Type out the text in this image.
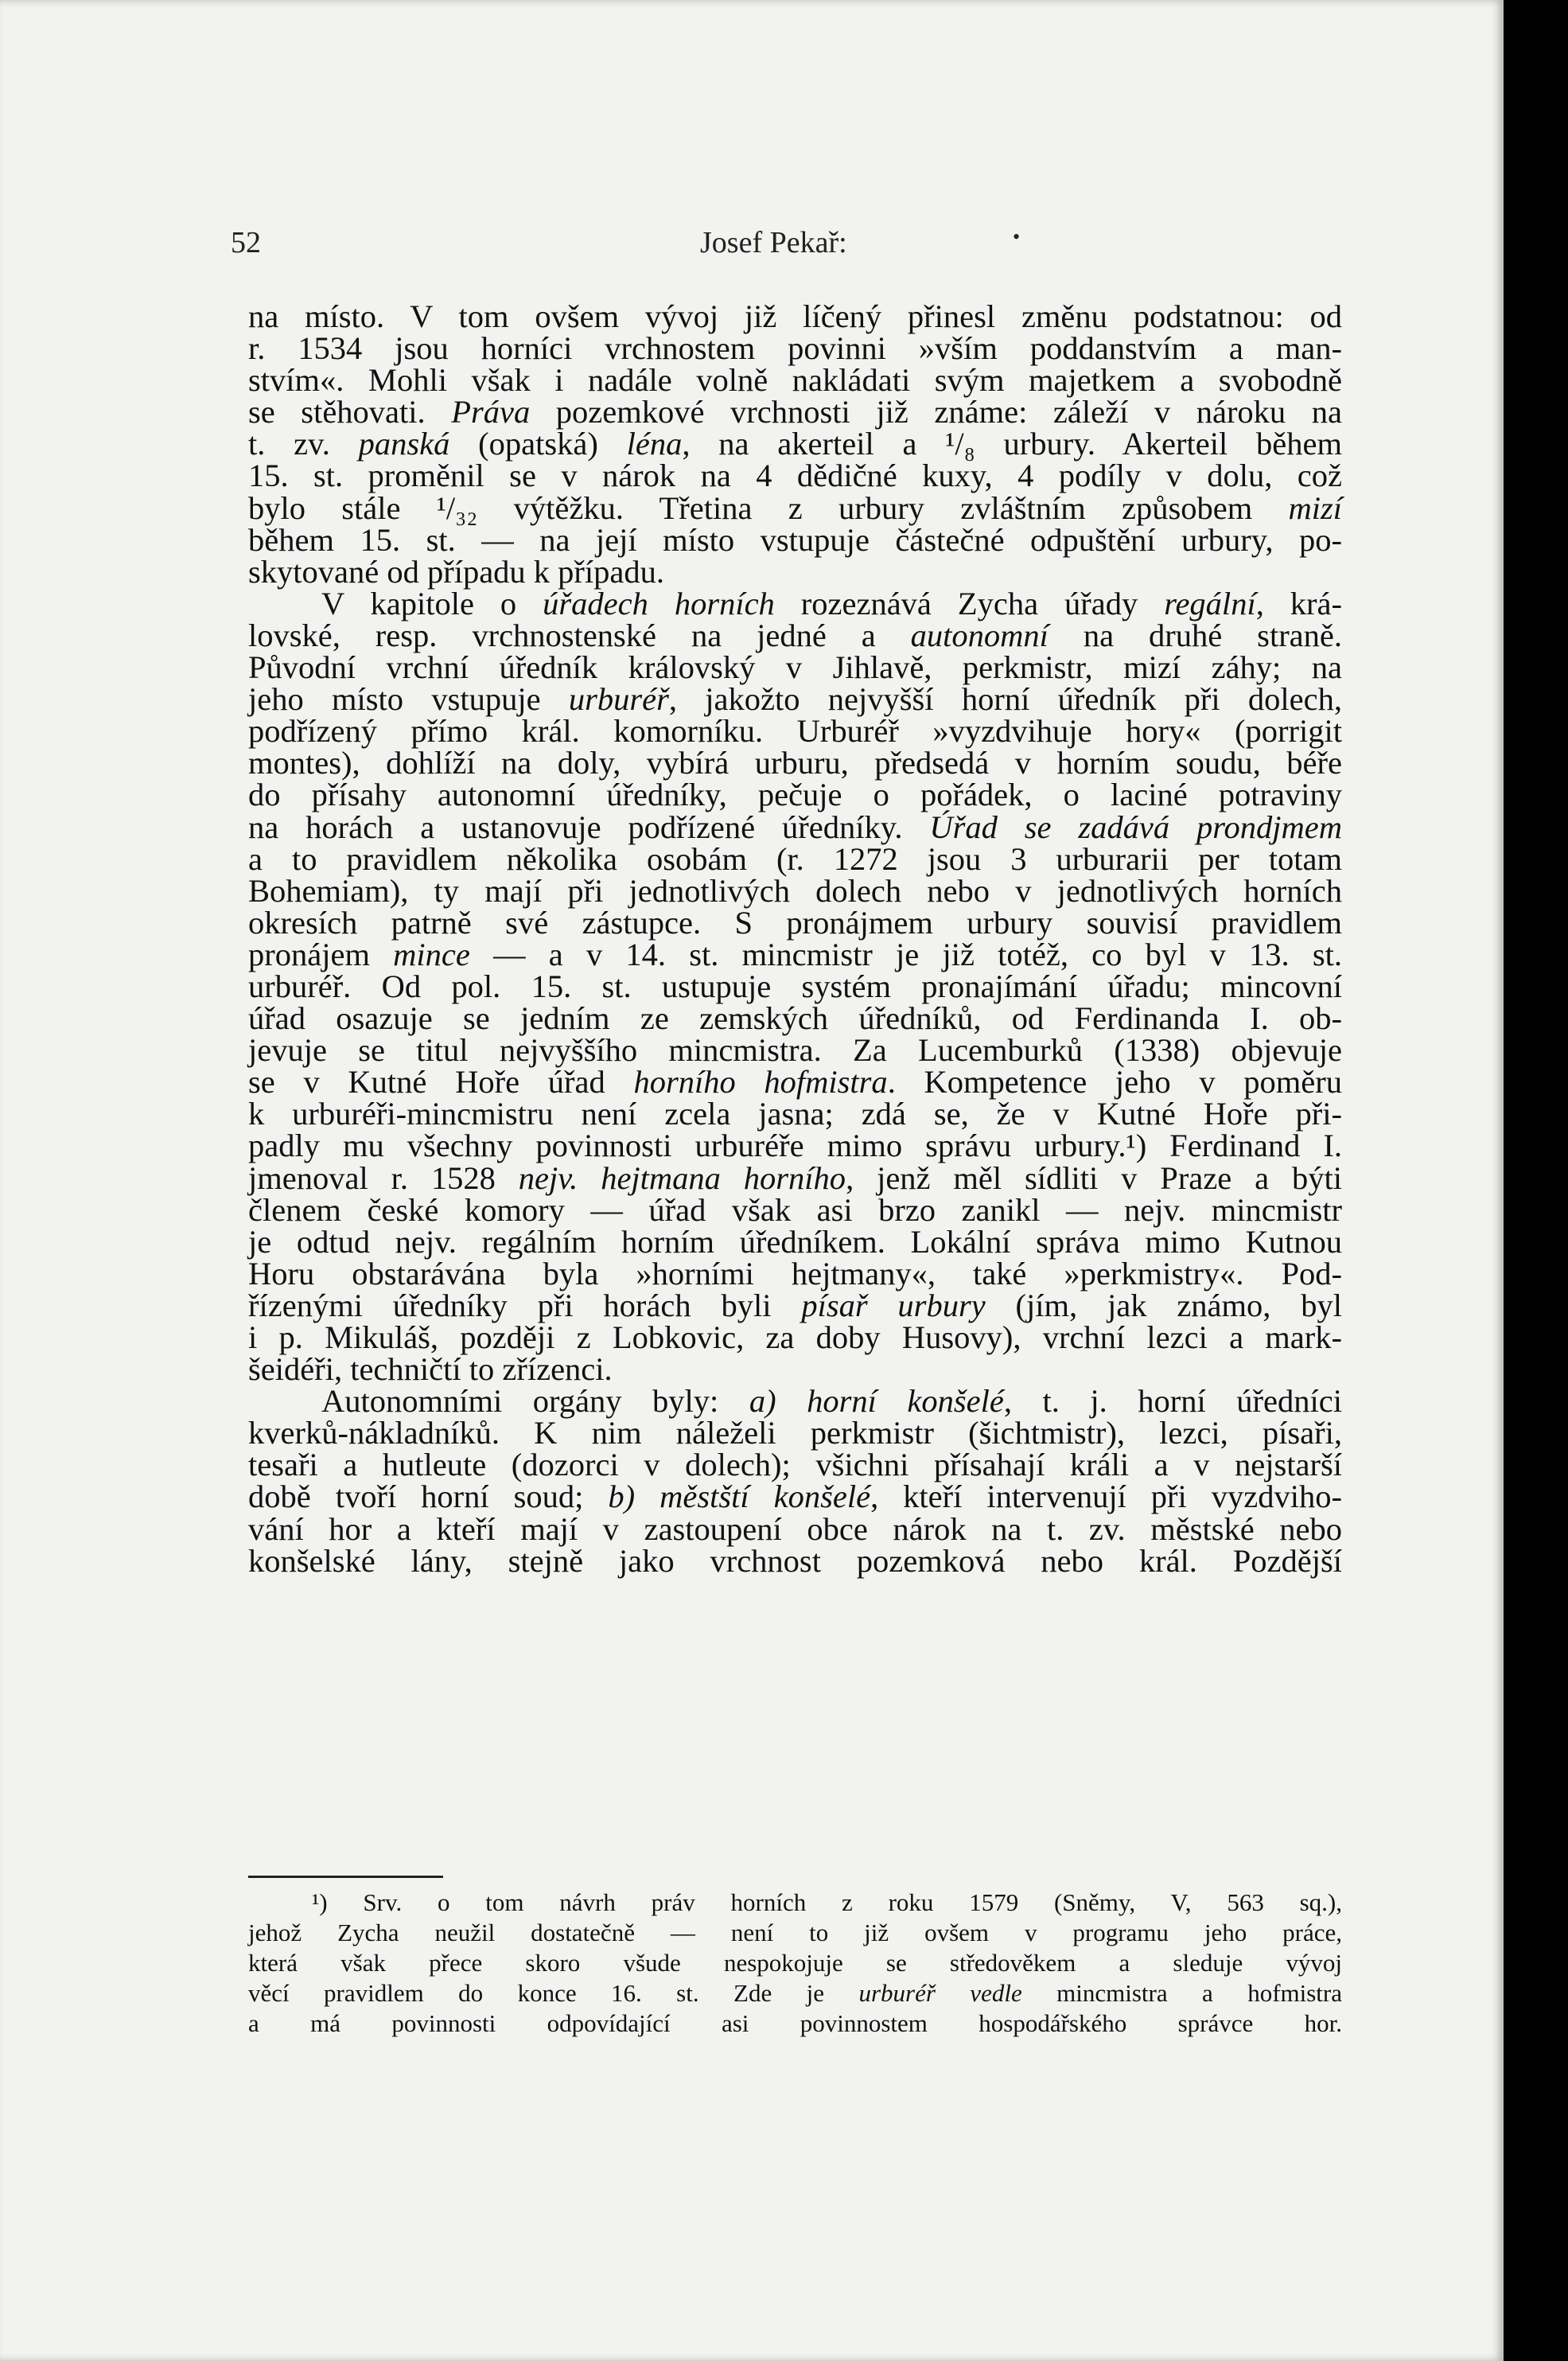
52	Josef Pekař:	•
na místo. V tom ovšem vývoj již líčený přinesl změnu podstatnou: od
r. 1534 jsou horníci vrchnostem povinni »vším poddanstvím a man-
stvím«. Mohli však i nadále volně nakládati svým majetkem a svobodně
se stěhovati. Práva pozemkové vrchnosti již známe: záleží v nároku na
t. zv. panská (opatská) léna, na akerteil a ¹/₈ urbury. Akerteil během
15. st. proměnil se v nárok na 4 dědičné kuxy, 4 podíly v dolu, což
bylo stále ¹/₃₂ výtěžku. Třetina z urbury zvláštním způsobem mizí
během 15. st. — na její místo vstupuje částečné odpuštění urbury, po-
skytované od případu k případu.
V kapitole o úřadech horních rozeznává Zycha úřady regální, krá-
lovské, resp. vrchnostenské na jedné a autonomní na druhé straně.
Původní vrchní úředník královský v Jihlavě, perkmistr, mizí záhy; na
jeho místo vstupuje urburéř, jakožto nejvyšší horní úředník při dolech,
podřízený přímo král. komorníku. Urburéř »vyzdvihuje hory« (porrigit
montes), dohlíží na doly, vybírá urburu, předsedá v horním soudu, béře
do přísahy autonomní úředníky, pečuje o pořádek, o laciné potraviny
na horách a ustanovuje podřízené úředníky. Úřad se zadává prondjmem
a to pravidlem několika osobám (r. 1272 jsou 3 urburarii per totam
Bohemiam), ty mají při jednotlivých dolech nebo v jednotlivých horních
okresích patrně své zástupce. S pronájmem urbury souvisí pravidlem
pronájem mince — a v 14. st. mincmistr je již totéž, co byl v 13. st.
urburéř. Od pol. 15. st. ustupuje systém pronajímání úřadu; mincovní
úřad osazuje se jedním ze zemských úředníků, od Ferdinanda I. ob-
jevuje se titul nejvyššího mincmistra. Za Lucemburků (1338) objevuje
se v Kutné Hoře úřad horního hofmistra. Kompetence jeho v poměru
k urburéři-mincmistru není zcela jasna; zdá se, že v Kutné Hoře při-
padly mu všechny povinnosti urburéře mimo správu urbury.¹) Ferdinand I.
jmenoval r. 1528 nejv. hejtmana horního, jenž měl sídliti v Praze a býti
členem české komory — úřad však asi brzo zanikl — nejv. mincmistr
je odtud nejv. regálním horním úředníkem. Lokální správa mimo Kutnou
Horu obstarávána byla »horními hejtmany«, také »perkmistry«. Pod-
řízenými úředníky při horách byli písař urbury (jím, jak známo, byl
i p. Mikuláš, později z Lobkovic, za doby Husovy), vrchní lezci a mark-
šeidéři, techničtí to zřízenci.
Autonomními orgány byly: a) horní konšelé, t. j. horní úředníci
kverků-nákladníků. K nim náleželi perkmistr (šichtmistr), lezci, písaři,
tesaři a hutleute (dozorci v dolech); všichni přísahají králi a v nejstarší
době tvoří horní soud; b) městští konšelé, kteří intervenují při vyzdviho-
vání hor a kteří mají v zastoupení obce nárok na t. zv. městské nebo
konšelské lány, stejně jako vrchnost pozemková nebo král. Pozdější
¹) Srv. o tom návrh práv horních z roku 1579 (Sněmy, V, 563 sq.),
jehož Zycha neužil dostatečně — není to již ovšem v programu jeho práce,
která však přece skoro všude nespokojuje se středověkem a sleduje vývoj
věcí pravidlem do konce 16. st. Zde je urburéř vedle mincmistra a hofmistra
a má povinnosti odpovídající asi povinnostem hospodářského správce hor.
